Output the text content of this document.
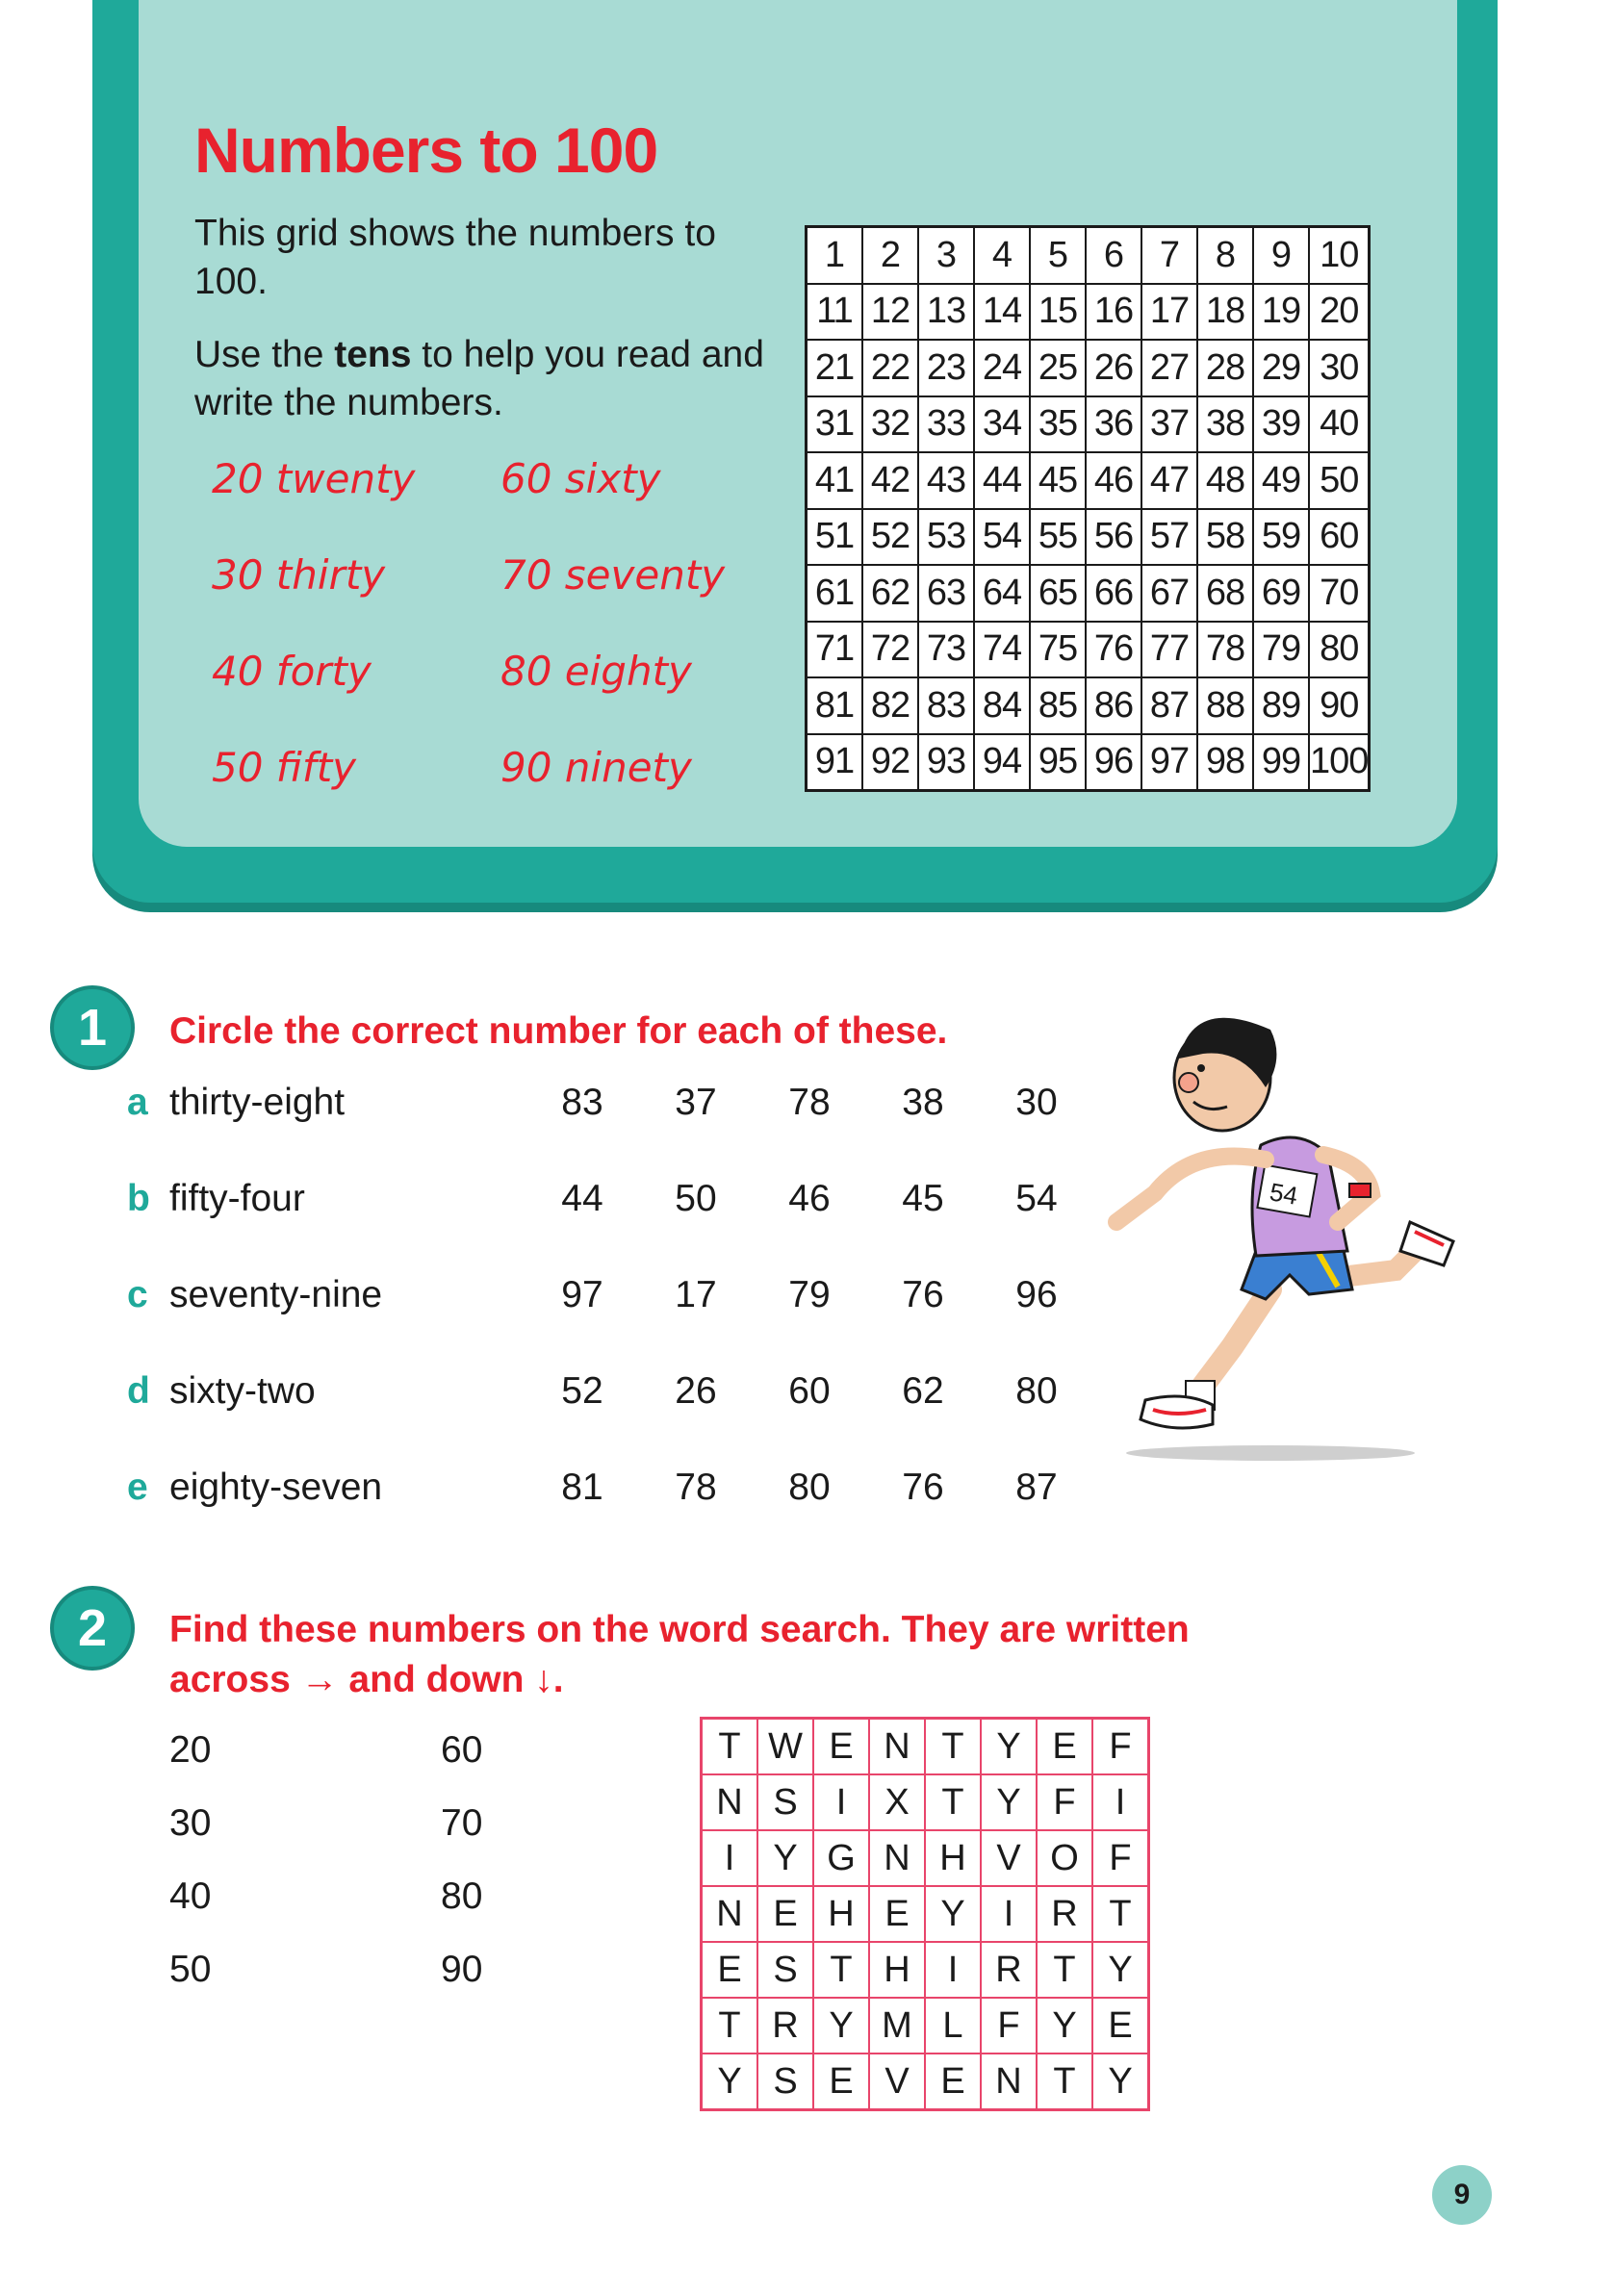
Numbers to 100

This grid shows the numbers to 100.

Use the tens to help you read and write the numbers.

20 twenty	60 sixty
30 thirty	70 seventy
40 forty	80 eighty
50 fifty	90 ninety
1	2	3	4	5	6	7	8	9	10
11	12	13	14	15	16	17	18	19	20
21	22	23	24	25	26	27	28	29	30
31	32	33	34	35	36	37	38	39	40
41	42	43	44	45	46	47	48	49	50
51	52	53	54	55	56	57	58	59	60
61	62	63	64	65	66	67	68	69	70
71	72	73	74	75	76	77	78	79	80
81	82	83	84	85	86	87	88	89	90
91	92	93	94	95	96	97	98	99	100
1	Circle the correct number for each of these.

a thirty-eight	83	37	78	38	30
b fifty-four	44	50	46	45	54
c seventy-nine	97	17	79	76	96
d sixty-two	52	26	60	62	80
e eighty-seven	81	78	80	76	87
54
2	Find these numbers on the word search. They are written

across → and down ↓.

20	60
30	70
40	80
50	90
T	W	E	N	T	Y	E	F
N	S	I	X	T	Y	F	I
I	Y	G	N	H	V	O	F
N	E	H	E	Y	I	R	T
E	S	T	H	I	R	T	Y
T	R	Y	M	L	F	Y	E
Y	S	E	V	E	N	T	Y
9
